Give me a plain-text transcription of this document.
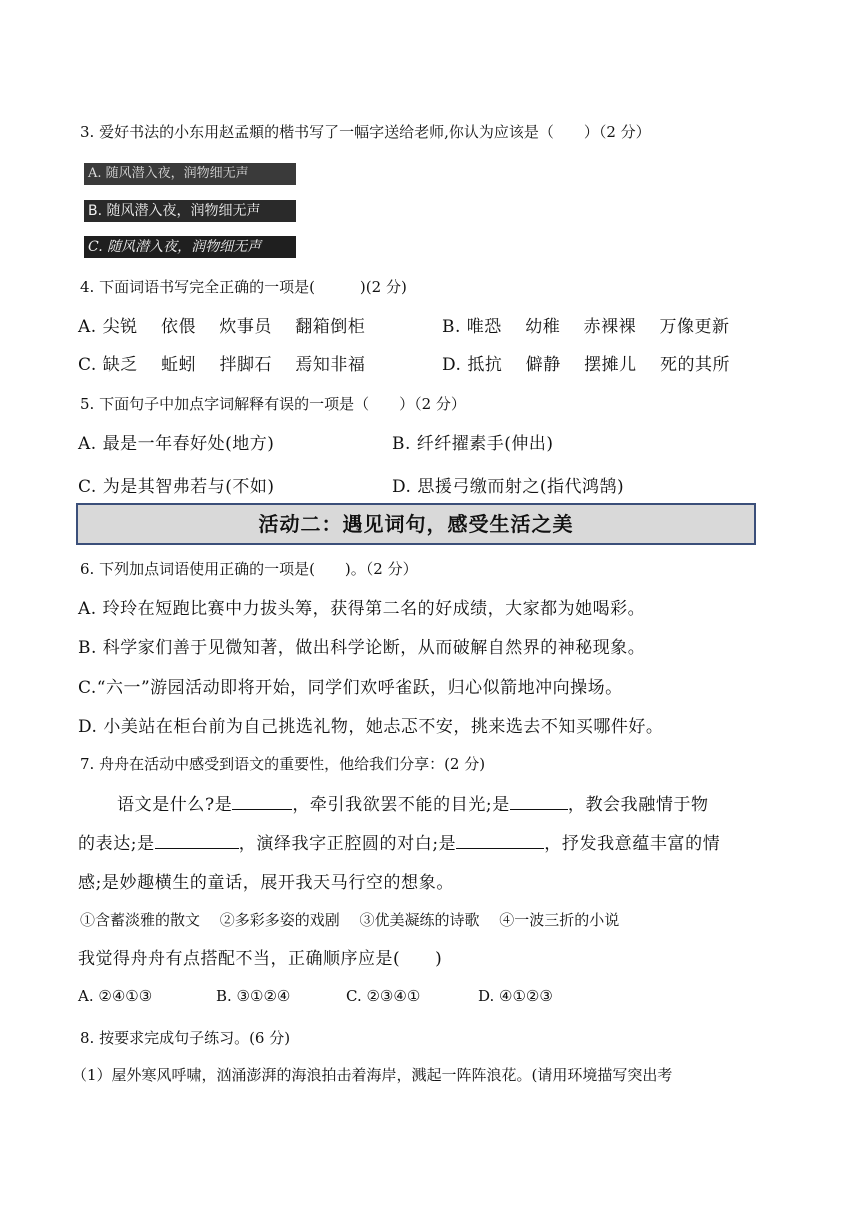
3. 爱好书法的小东用赵孟頫的楷书写了一幅字送给老师,你认为应该是（　　）（2 分）
A. 随风潜入夜，润物细无声
B. 随风潜入夜，润物细无声
C. 随风潜入夜，润物细无声
4. 下面词语书写完全正确的一项是(　　　)(2 分)
A. 尖锐　 依偎　 炊事员　 翻箱倒柜	B. 唯恐　 幼稚　 赤裸裸　 万像更新
C. 缺乏　 蚯蚓　 拌脚石　 焉知非福	D. 抵抗　 僻静　 摆摊儿　 死的其所
5. 下面句子中加点字词解释有误的一项是（　　）（2 分）
A. 最是一年春好处(地方)	B. 纤纤擢素手(伸出)
C. 为是其智弗若与(不如)	D. 思援弓缴而射之(指代鸿鹄)
活动二：遇见词句，感受生活之美
6. 下列加点词语使用正确的一项是(　　)。（2 分）
A. 玲玲在短跑比赛中力拔头筹，获得第二名的好成绩，大家都为她喝彩。
B. 科学家们善于见微知著，做出科学论断，从而破解自然界的神秘现象。
C.“六一”游园活动即将开始，同学们欢呼雀跃，归心似箭地冲向操场。
D. 小美站在柜台前为自己挑选礼物，她忐忑不安，挑来选去不知买哪件好。
7. 舟舟在活动中感受到语文的重要性，他给我们分享：(2 分)
语文是什么?是	，牵引我欲罢不能的目光;是	，教会我融情于物
的表达;是	，演绎我字正腔圆的对白;是	，抒发我意蕴丰富的情
感;是妙趣横生的童话，展开我天马行空的想象。
①含蓄淡雅的散文　 ②多彩多姿的戏剧　 ③优美凝练的诗歌　 ④一波三折的小说
我觉得舟舟有点搭配不当，正确顺序应是(　　)
A. ②④①③	B. ③①②④	C. ②③④①	D. ④①②③
8. 按要求完成句子练习。(6 分)
（1）屋外寒风呼啸，汹涌澎湃的海浪拍击着海岸，溅起一阵阵浪花。(请用环境描写突出考
